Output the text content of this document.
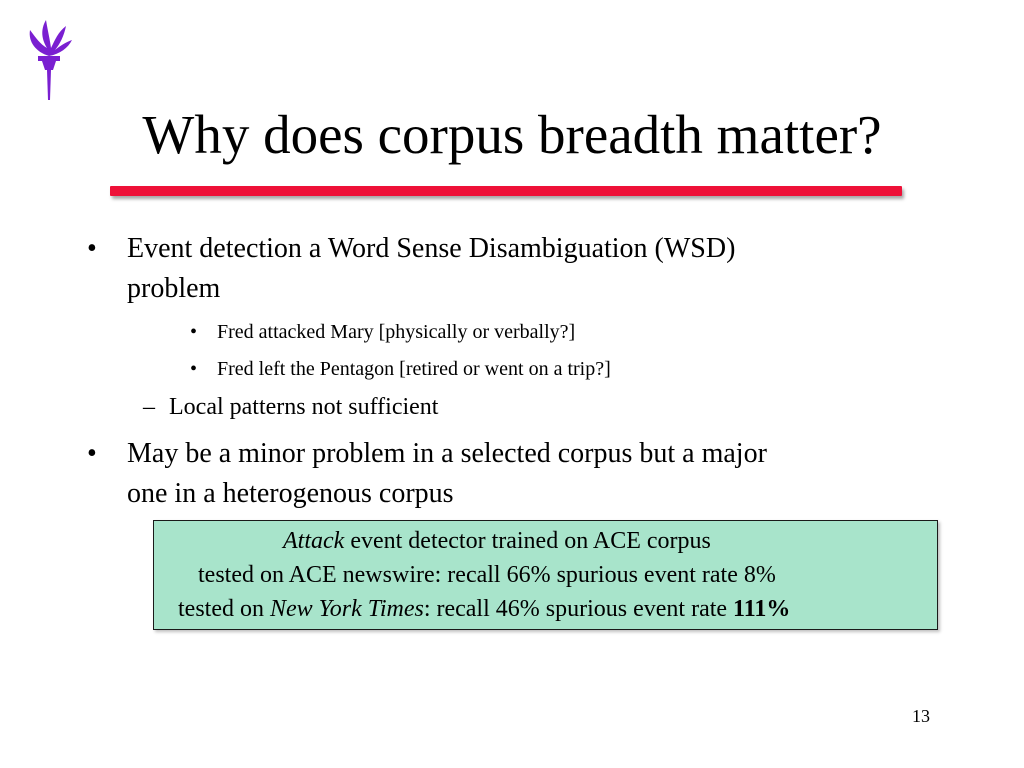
Why does corpus breadth matter?
•	Event detection a Word Sense Disambiguation (WSD)
problem
• Fred attacked Mary [physically or verbally?]
• Fred left the Pentagon [retired or went on a trip?]
– Local patterns not sufficient
•	May be a minor problem in a selected corpus but a major
one in a heterogenous corpus
Attack event detector trained on ACE corpus
tested on ACE newswire: recall 66% spurious event rate 8%
tested on New York Times: recall 46% spurious event rate 111%
13
